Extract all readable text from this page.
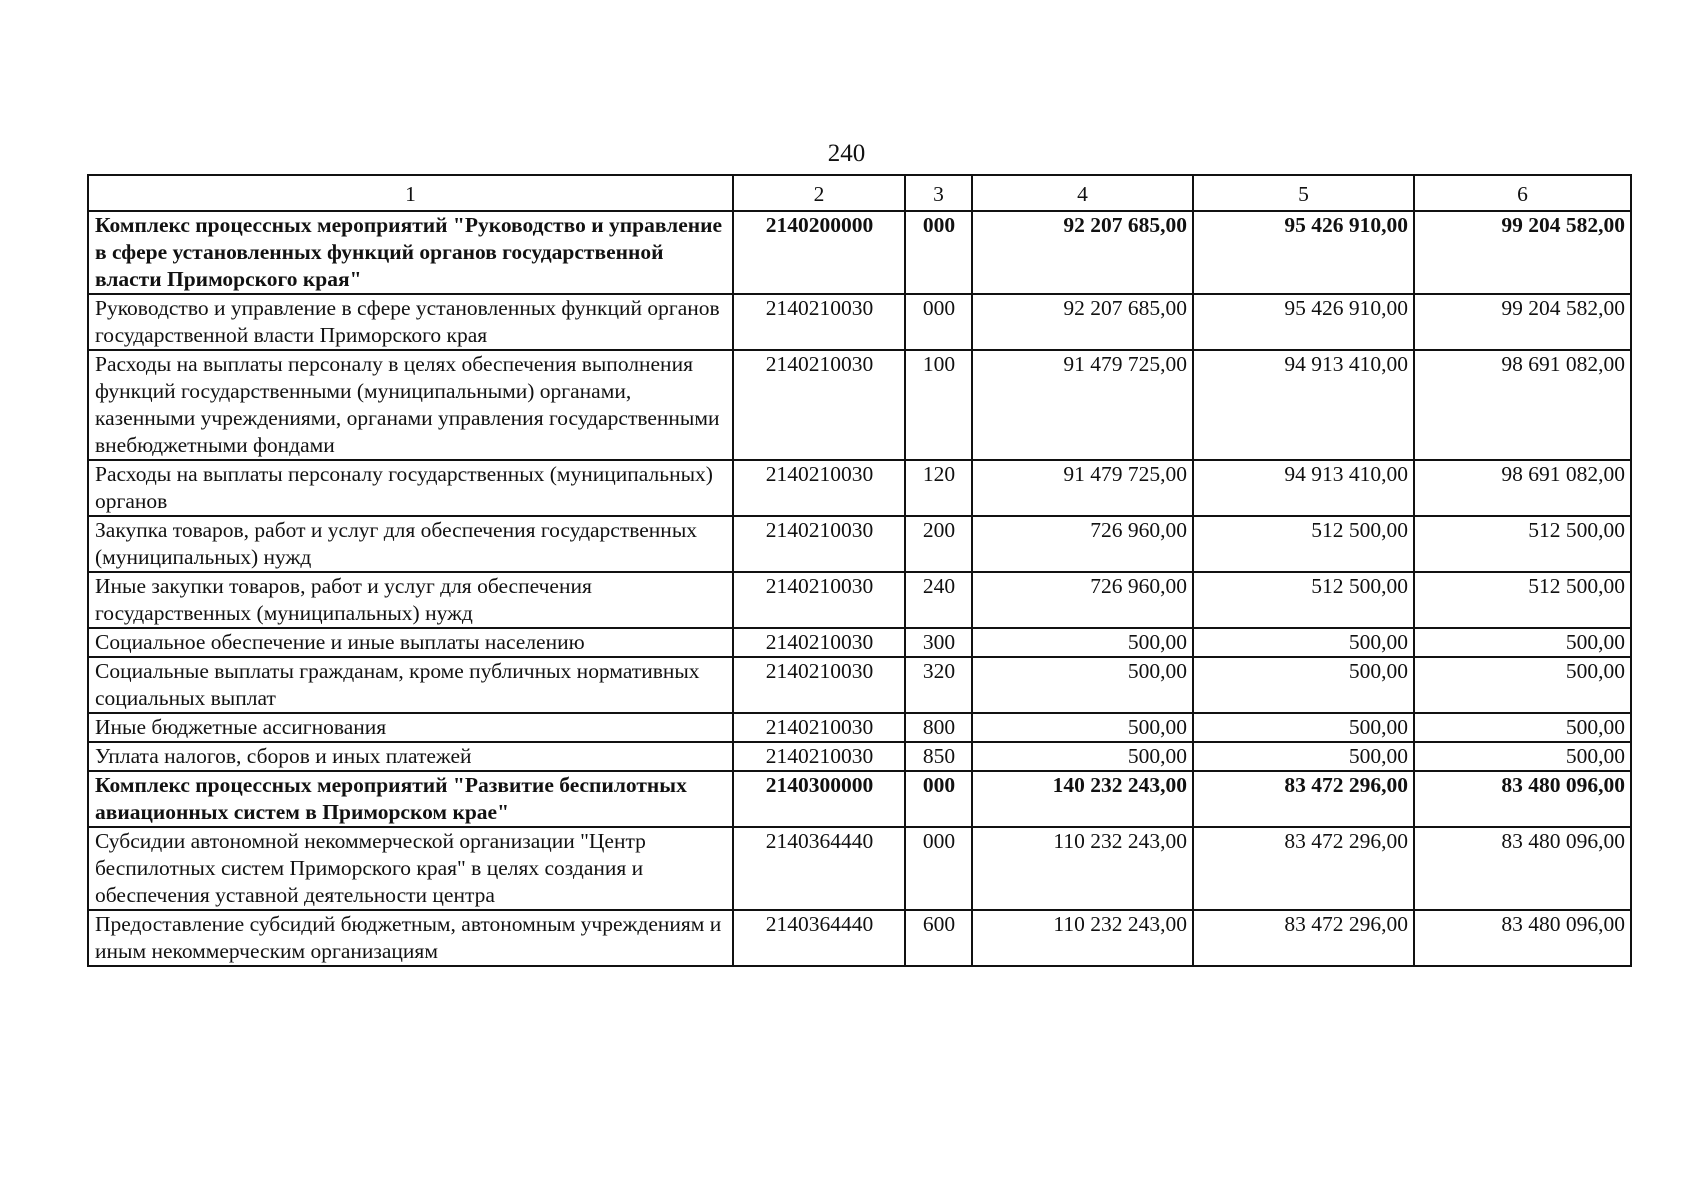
240
1	2	3	4	5	6
Комплекс процессных мероприятий "Руководство и управление в сфере установленных функций органов государственной власти Приморского края"	2140200000	000	92 207 685,00	95 426 910,00	99 204 582,00
Руководство и управление в сфере установленных функций органов государственной власти Приморского края	2140210030	000	92 207 685,00	95 426 910,00	99 204 582,00
Расходы на выплаты персоналу в целях обеспечения выполнения функций государственными (муниципальными) органами, казенными учреждениями, органами управления государственными внебюджетными фондами	2140210030	100	91 479 725,00	94 913 410,00	98 691 082,00
Расходы на выплаты персоналу государственных (муниципальных) органов	2140210030	120	91 479 725,00	94 913 410,00	98 691 082,00
Закупка товаров, работ и услуг для обеспечения государственных (муниципальных) нужд	2140210030	200	726 960,00	512 500,00	512 500,00
Иные закупки товаров, работ и услуг для обеспечения государственных (муниципальных) нужд	2140210030	240	726 960,00	512 500,00	512 500,00
Социальное обеспечение и иные выплаты населению	2140210030	300	500,00	500,00	500,00
Социальные выплаты гражданам, кроме публичных нормативных социальных выплат	2140210030	320	500,00	500,00	500,00
Иные бюджетные ассигнования	2140210030	800	500,00	500,00	500,00
Уплата налогов, сборов и иных платежей	2140210030	850	500,00	500,00	500,00
Комплекс процессных мероприятий "Развитие беспилотных авиационных систем в Приморском крае"	2140300000	000	140 232 243,00	83 472 296,00	83 480 096,00
Субсидии автономной некоммерческой организации "Центр беспилотных систем Приморского края" в целях создания и обеспечения уставной деятельности центра	2140364440	000	110 232 243,00	83 472 296,00	83 480 096,00
Предоставление субсидий бюджетным, автономным учреждениям и иным некоммерческим организациям	2140364440	600	110 232 243,00	83 472 296,00	83 480 096,00
